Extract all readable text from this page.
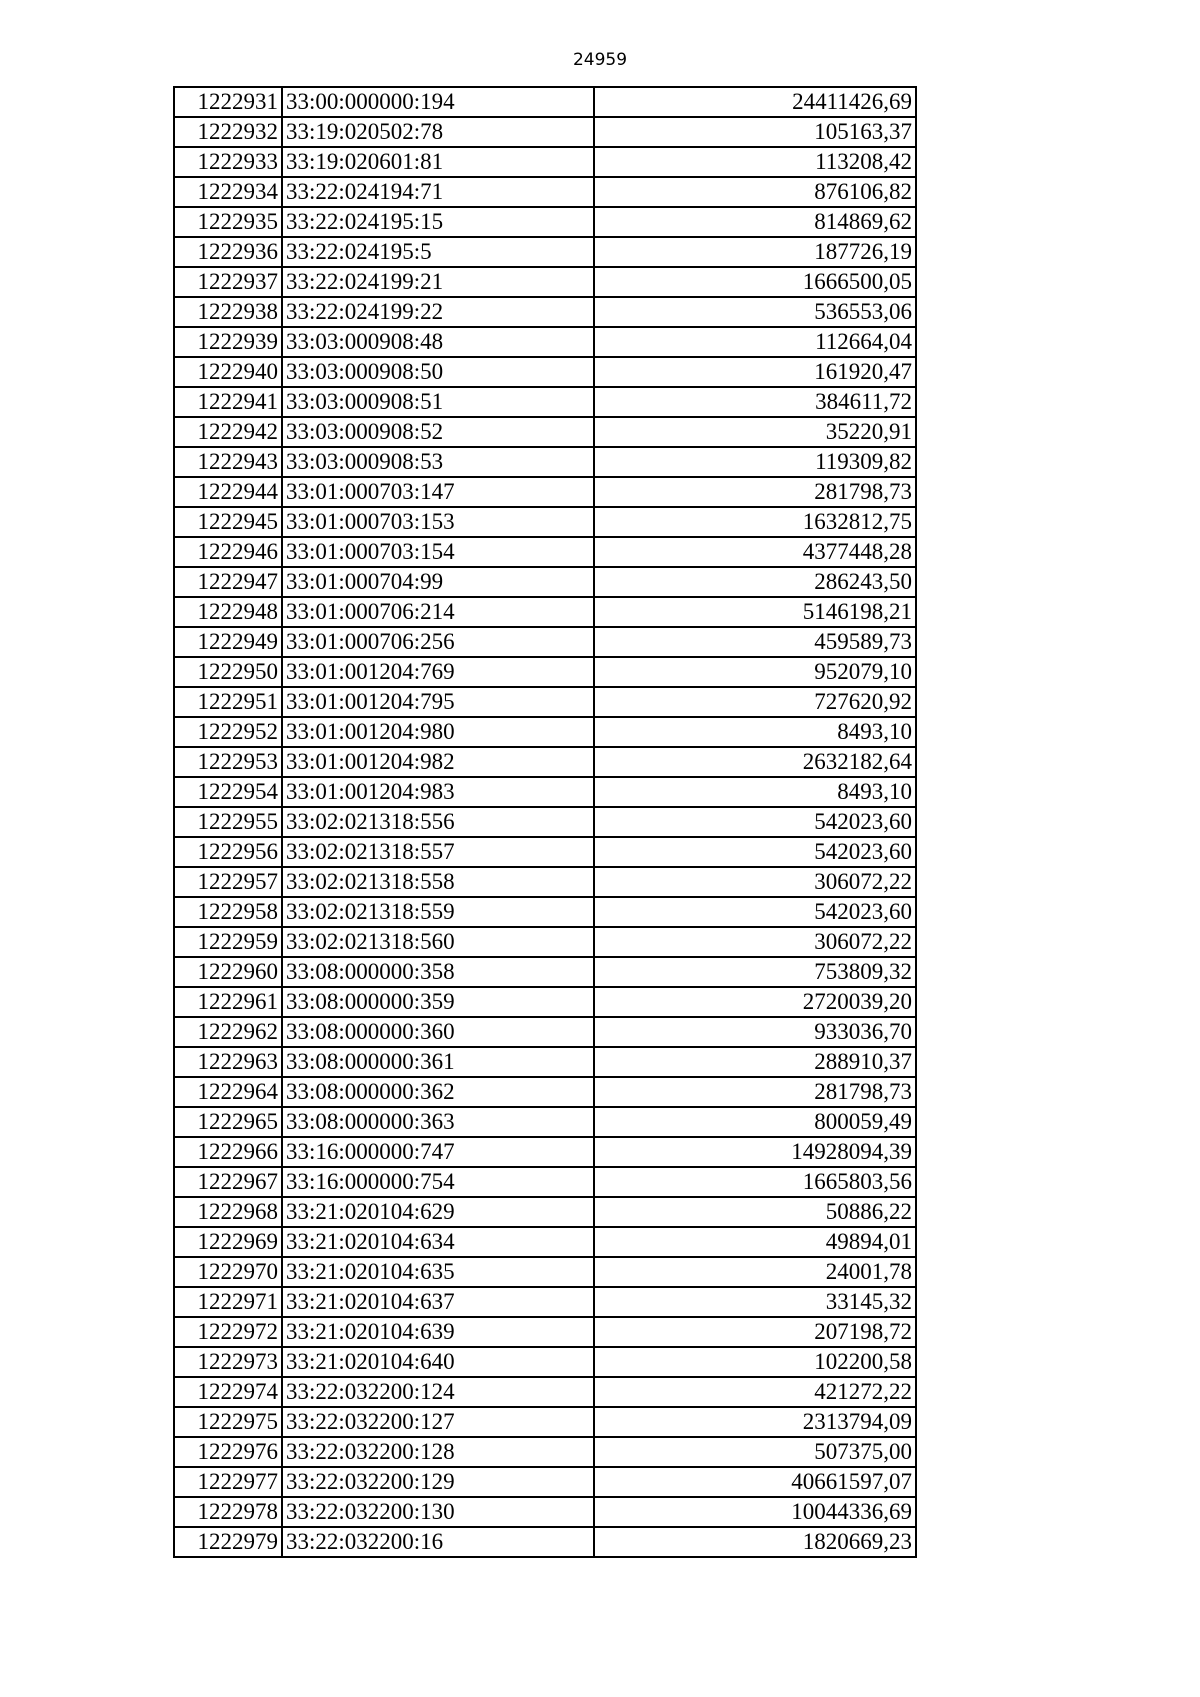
24959
1222931	33:00:000000:194	24411426,69
1222932	33:19:020502:78	105163,37
1222933	33:19:020601:81	113208,42
1222934	33:22:024194:71	876106,82
1222935	33:22:024195:15	814869,62
1222936	33:22:024195:5	187726,19
1222937	33:22:024199:21	1666500,05
1222938	33:22:024199:22	536553,06
1222939	33:03:000908:48	112664,04
1222940	33:03:000908:50	161920,47
1222941	33:03:000908:51	384611,72
1222942	33:03:000908:52	35220,91
1222943	33:03:000908:53	119309,82
1222944	33:01:000703:147	281798,73
1222945	33:01:000703:153	1632812,75
1222946	33:01:000703:154	4377448,28
1222947	33:01:000704:99	286243,50
1222948	33:01:000706:214	5146198,21
1222949	33:01:000706:256	459589,73
1222950	33:01:001204:769	952079,10
1222951	33:01:001204:795	727620,92
1222952	33:01:001204:980	8493,10
1222953	33:01:001204:982	2632182,64
1222954	33:01:001204:983	8493,10
1222955	33:02:021318:556	542023,60
1222956	33:02:021318:557	542023,60
1222957	33:02:021318:558	306072,22
1222958	33:02:021318:559	542023,60
1222959	33:02:021318:560	306072,22
1222960	33:08:000000:358	753809,32
1222961	33:08:000000:359	2720039,20
1222962	33:08:000000:360	933036,70
1222963	33:08:000000:361	288910,37
1222964	33:08:000000:362	281798,73
1222965	33:08:000000:363	800059,49
1222966	33:16:000000:747	14928094,39
1222967	33:16:000000:754	1665803,56
1222968	33:21:020104:629	50886,22
1222969	33:21:020104:634	49894,01
1222970	33:21:020104:635	24001,78
1222971	33:21:020104:637	33145,32
1222972	33:21:020104:639	207198,72
1222973	33:21:020104:640	102200,58
1222974	33:22:032200:124	421272,22
1222975	33:22:032200:127	2313794,09
1222976	33:22:032200:128	507375,00
1222977	33:22:032200:129	40661597,07
1222978	33:22:032200:130	10044336,69
1222979	33:22:032200:16	1820669,23
